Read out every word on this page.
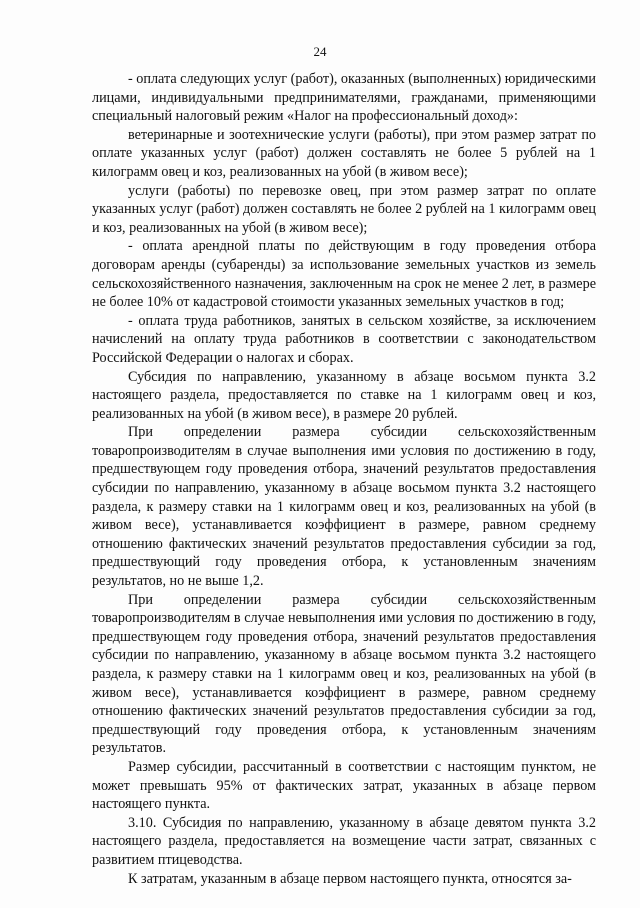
24

- оплата следующих услуг (работ), оказанных (выполненных) юридическими лицами, индивидуальными предпринимателями, гражданами, применяющими специальный налоговый режим «Налог на профессиональный доход»:

ветеринарные и зоотехнические услуги (работы), при этом размер затрат по оплате указанных услуг (работ) должен составлять не более 5 рублей на 1 килограмм овец и коз, реализованных на убой (в живом весе);

услуги (работы) по перевозке овец, при этом размер затрат по оплате указанных услуг (работ) должен составлять не более 2 рублей на 1 килограмм овец и коз, реализованных на убой (в живом весе);

- оплата арендной платы по действующим в году проведения отбора договорам аренды (субаренды) за использование земельных участков из земель сельскохозяйственного назначения, заключенным на срок не менее 2 лет, в размере не более 10% от кадастровой стоимости указанных земельных участков в год;

- оплата труда работников, занятых в сельском хозяйстве, за исключением начислений на оплату труда работников в соответствии с законодательством Российской Федерации о налогах и сборах.

Субсидия по направлению, указанному в абзаце восьмом пункта 3.2 настоящего раздела, предоставляется по ставке на 1 килограмм овец и коз, реализованных на убой (в живом весе), в размере 20 рублей.

При определении размера субсидии сельскохозяйственным товаропроизводителям в случае выполнения ими условия по достижению в году, предшествующем году проведения отбора, значений результатов предоставления субсидии по направлению, указанному в абзаце восьмом пункта 3.2 настоящего раздела, к размеру ставки на 1 килограмм овец и коз, реализованных на убой (в живом весе), устанавливается коэффициент в размере, равном среднему отношению фактических значений результатов предоставления субсидии за год, предшествующий году проведения отбора, к установленным значениям результатов, но не выше 1,2.

При определении размера субсидии сельскохозяйственным товаропроизводителям в случае невыполнения ими условия по достижению в году, предшествующем году проведения отбора, значений результатов предоставления субсидии по направлению, указанному в абзаце восьмом пункта 3.2 настоящего раздела, к размеру ставки на 1 килограмм овец и коз, реализованных на убой (в живом весе), устанавливается коэффициент в размере, равном среднему отношению фактических значений результатов предоставления субсидии за год, предшествующий году проведения отбора, к установленным значениям результатов.

Размер субсидии, рассчитанный в соответствии с настоящим пунктом, не может превышать 95% от фактических затрат, указанных в абзаце первом настоящего пункта.

3.10. Субсидия по направлению, указанному в абзаце девятом пункта 3.2 настоящего раздела, предоставляется на возмещение части затрат, связанных с развитием птицеводства.

К затратам, указанным в абзаце первом настоящего пункта, относятся за-
